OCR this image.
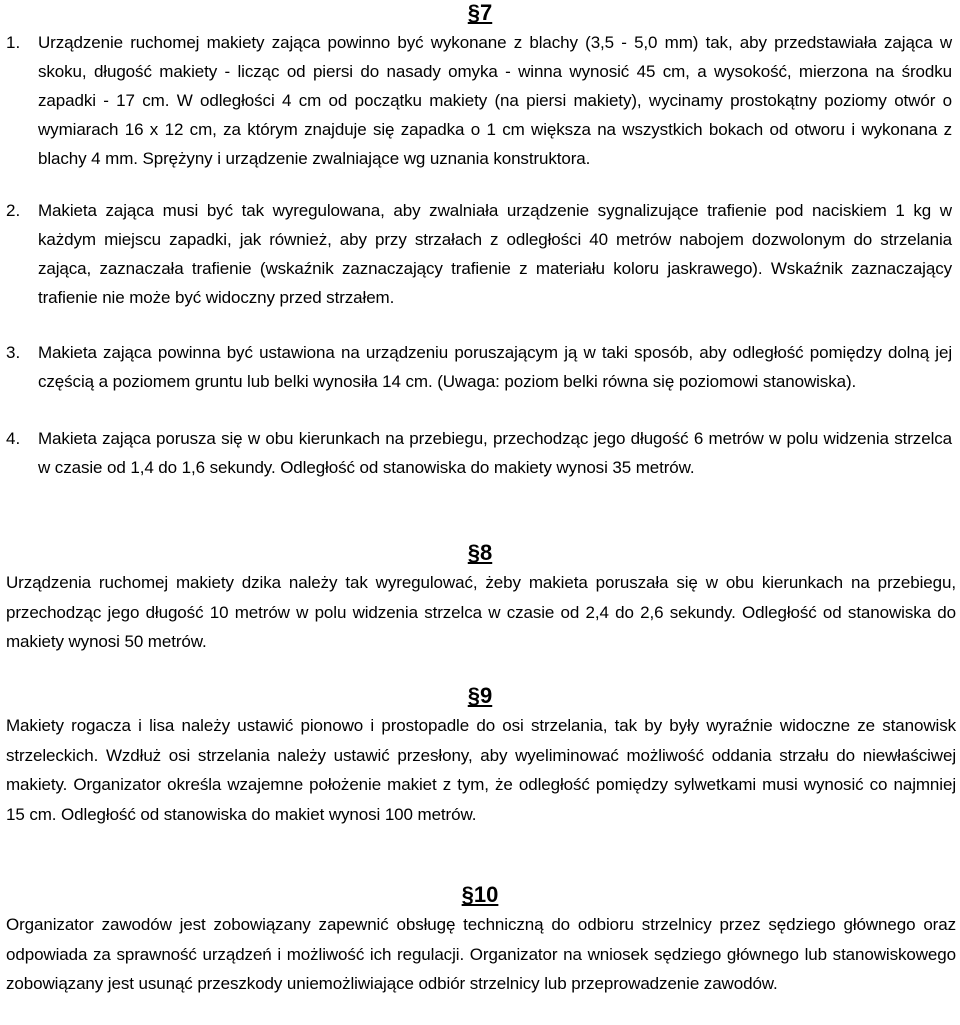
§7
1. Urządzenie ruchomej makiety zająca powinno być wykonane z blachy (3,5 - 5,0 mm) tak, aby przedstawiała zająca w skoku, długość makiety - licząc od piersi do nasady omyka - winna wynosić 45 cm, a wysokość, mierzona na środku zapadki - 17 cm. W odległości 4 cm od początku makiety (na piersi makiety), wycinamy prostokątny poziomy otwór o wymiarach 16 x 12 cm, za którym znajduje się zapadka o 1 cm większa na wszystkich bokach od otworu i wykonana z blachy 4 mm. Sprężyny i urządzenie zwalniające wg uznania konstruktora.
2. Makieta zająca musi być tak wyregulowana, aby zwalniała urządzenie sygnalizujące trafienie pod naciskiem 1 kg w każdym miejscu zapadki, jak również, aby przy strzałach z odległości 40 metrów nabojem dozwolonym do strzelania zająca, zaznaczała trafienie (wskaźnik zaznaczający trafienie z materiału koloru jaskrawego). Wskaźnik zaznaczający trafienie nie może być widoczny przed strzałem.
3. Makieta zająca powinna być ustawiona na urządzeniu poruszającym ją w taki sposób, aby odległość pomiędzy dolną jej częścią a poziomem gruntu lub belki wynosiła 14 cm. (Uwaga: poziom belki równa się poziomowi stanowiska).
4. Makieta zająca porusza się w obu kierunkach na przebiegu, przechodząc jego długość 6 metrów w polu widzenia strzelca w czasie od 1,4 do 1,6 sekundy. Odległość od stanowiska do makiety wynosi 35 metrów.
§8
Urządzenia ruchomej makiety dzika należy tak wyregulować, żeby makieta poruszała się w obu kierunkach na przebiegu, przechodząc jego długość 10 metrów w polu widzenia strzelca w czasie od 2,4 do 2,6 sekundy. Odległość od stanowiska do makiety wynosi 50 metrów.
§9
Makiety rogacza i lisa należy ustawić pionowo i prostopadle do osi strzelania, tak by były wyraźnie widoczne ze stanowisk strzeleckich. Wzdłuż osi strzelania należy ustawić przesłony, aby wyeliminować możliwość oddania strzału do niewłaściwej makiety. Organizator określa wzajemne położenie makiet z tym, że odległość pomiędzy sylwetkami musi wynosić co najmniej 15 cm. Odległość od stanowiska do makiet wynosi 100 metrów.
§10
Organizator zawodów jest zobowiązany zapewnić obsługę techniczną do odbioru strzelnicy przez sędziego głównego oraz odpowiada za sprawność urządzeń i możliwość ich regulacji. Organizator na wniosek sędziego głównego lub stanowiskowego zobowiązany jest usunąć przeszkody uniemożliwiające odbiór strzelnicy lub przeprowadzenie zawodów.
